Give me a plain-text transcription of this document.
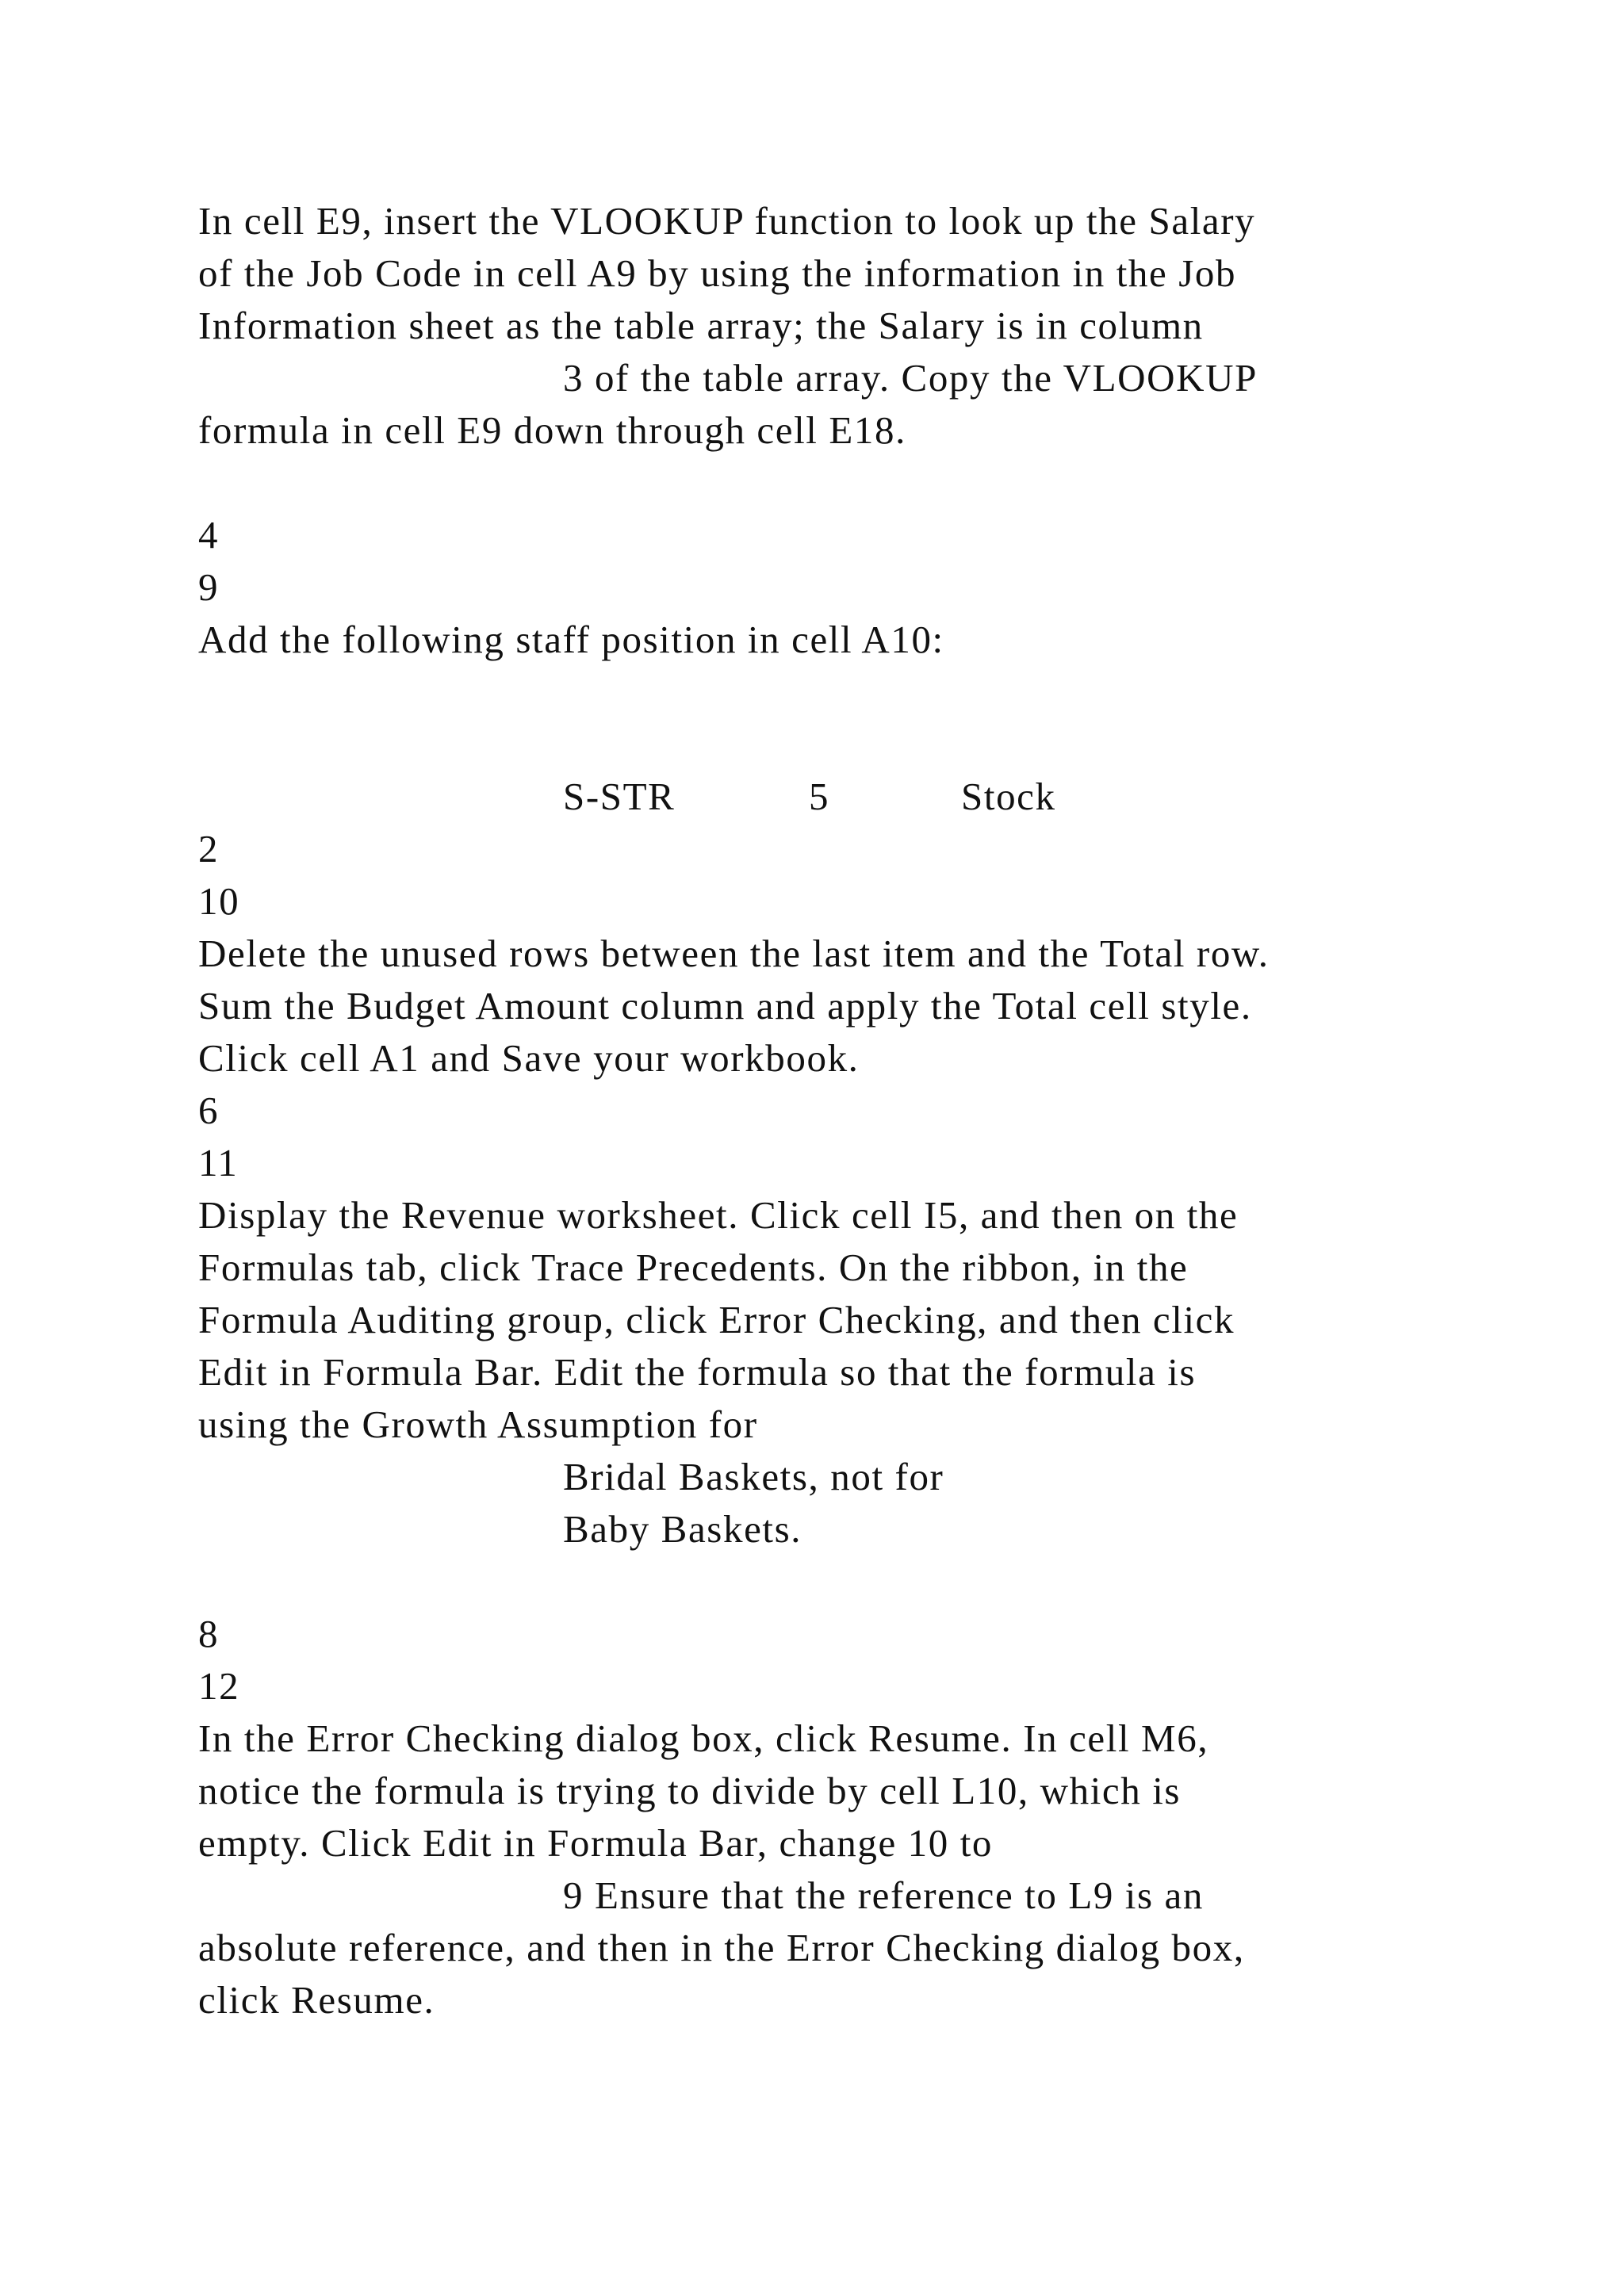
In cell E9, insert the VLOOKUP function to look up the Salary
of the Job Code in cell A9 by using the information in the Job
Information sheet as the table array; the Salary is in column
3 of the table array. Copy the VLOOKUP
formula in cell E9 down through cell E18.
4
9
Add the following staff position in cell A10:
S-STR	5	Stock
2
10
Delete the unused rows between the last item and the Total row.
Sum the Budget Amount column and apply the Total cell style.
Click cell A1 and Save your workbook.
6
11
Display the Revenue worksheet. Click cell I5, and then on the
Formulas tab, click Trace Precedents. On the ribbon, in the
Formula Auditing group, click Error Checking, and then click
Edit in Formula Bar. Edit the formula so that the formula is
using the Growth Assumption for
Bridal Baskets, not for
Baby Baskets.
8
12
In the Error Checking dialog box, click Resume. In cell M6,
notice the formula is trying to divide by cell L10, which is
empty. Click Edit in Formula Bar, change 10 to
9 Ensure that the reference to L9 is an
absolute reference, and then in the Error Checking dialog box,
click Resume.
